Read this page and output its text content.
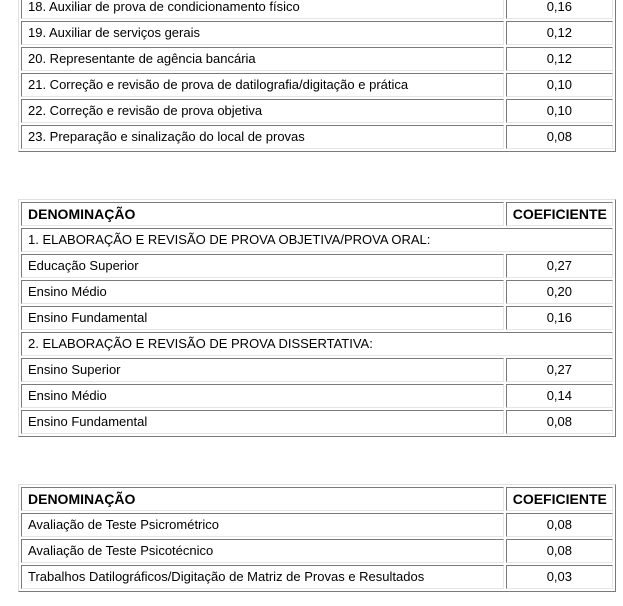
18. Auxiliar de prova de condicionamento físico	0,16
19. Auxiliar de serviços gerais	0,12
20. Representante de agência bancária	0,12
21. Correção e revisão de prova de datilografia/digitação e prática	0,10
22. Correção e revisão de prova objetiva	0,10
23. Preparação e sinalização do local de provas	0,08
DENOMINAÇÃO	COEFICIENTE
1. ELABORAÇÃO E REVISÃO DE PROVA OBJETIVA/PROVA ORAL:	
Educação Superior	0,27
Ensino Médio	0,20
Ensino Fundamental	0,16
2. ELABORAÇÃO E REVISÃO DE PROVA DISSERTATIVA:	
Ensino Superior	0,27
Ensino Médio	0,14
Ensino Fundamental	0,08
DENOMINAÇÃO	COEFICIENTE
Avaliação de Teste Psicrométrico	0,08
Avaliação de Teste Psicotécnico	0,08
Trabalhos Datilográficos/Digitação de Matriz de Provas e Resultados	0,03
